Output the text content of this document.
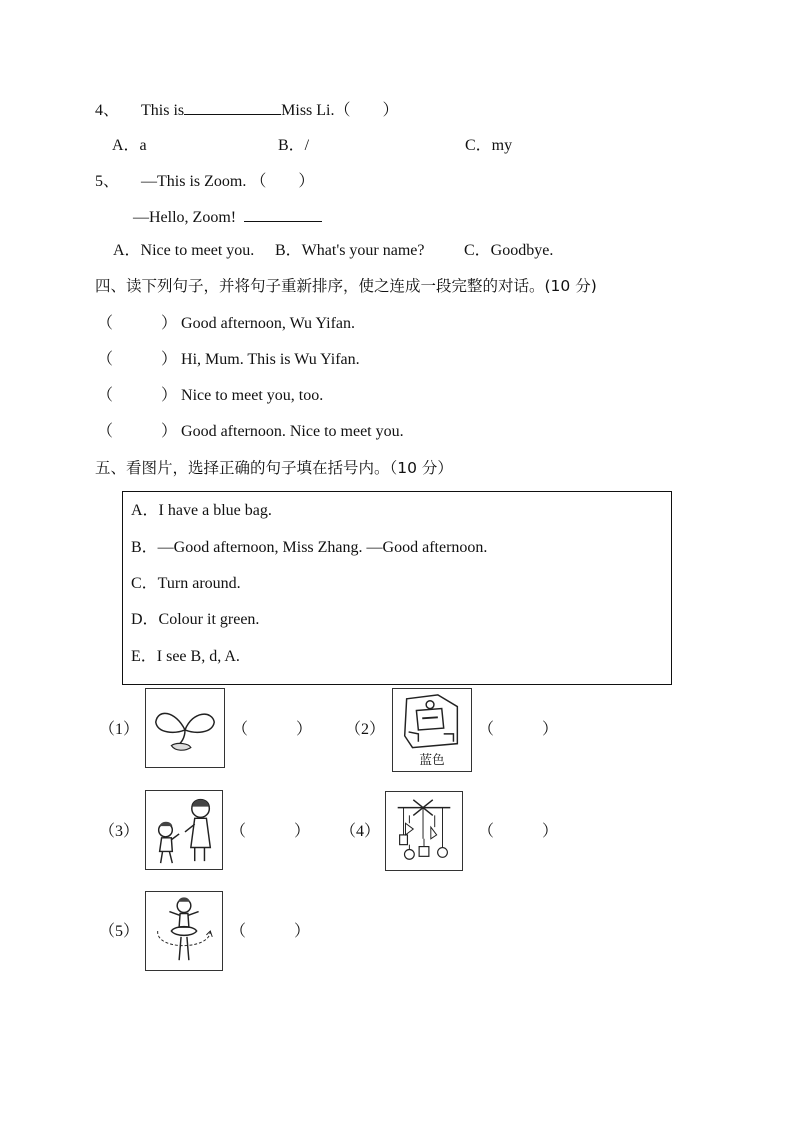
4、 This is	Miss Li.（　　）
A．a	B．/	C．my
5、 —This is Zoom. （　　）
—Hello, Zoom!
A．Nice to meet you. B．What's your name? C．Goodbye.
四、读下列句子，并将句子重新排序，使之连成一段完整的对话。(10 分)
（　　　） Good afternoon, Wu Yifan.
（　　　） Hi, Mum. This is Wu Yifan.
（　　　） Nice to meet you, too.
（　　　） Good afternoon. Nice to meet you.
五、看图片，选择正确的句子填在括号内。（10 分）
A．I have a blue bag.
B．—Good afternoon, Miss Zhang. —Good afternoon.
C．Turn around.
D．Colour it green.
E．I see B, d, A.
（1）	（　　　） （2）
蓝色
（　　　）
（3）	（　　　） （4）	（　　　）
（5）	（　　　）
